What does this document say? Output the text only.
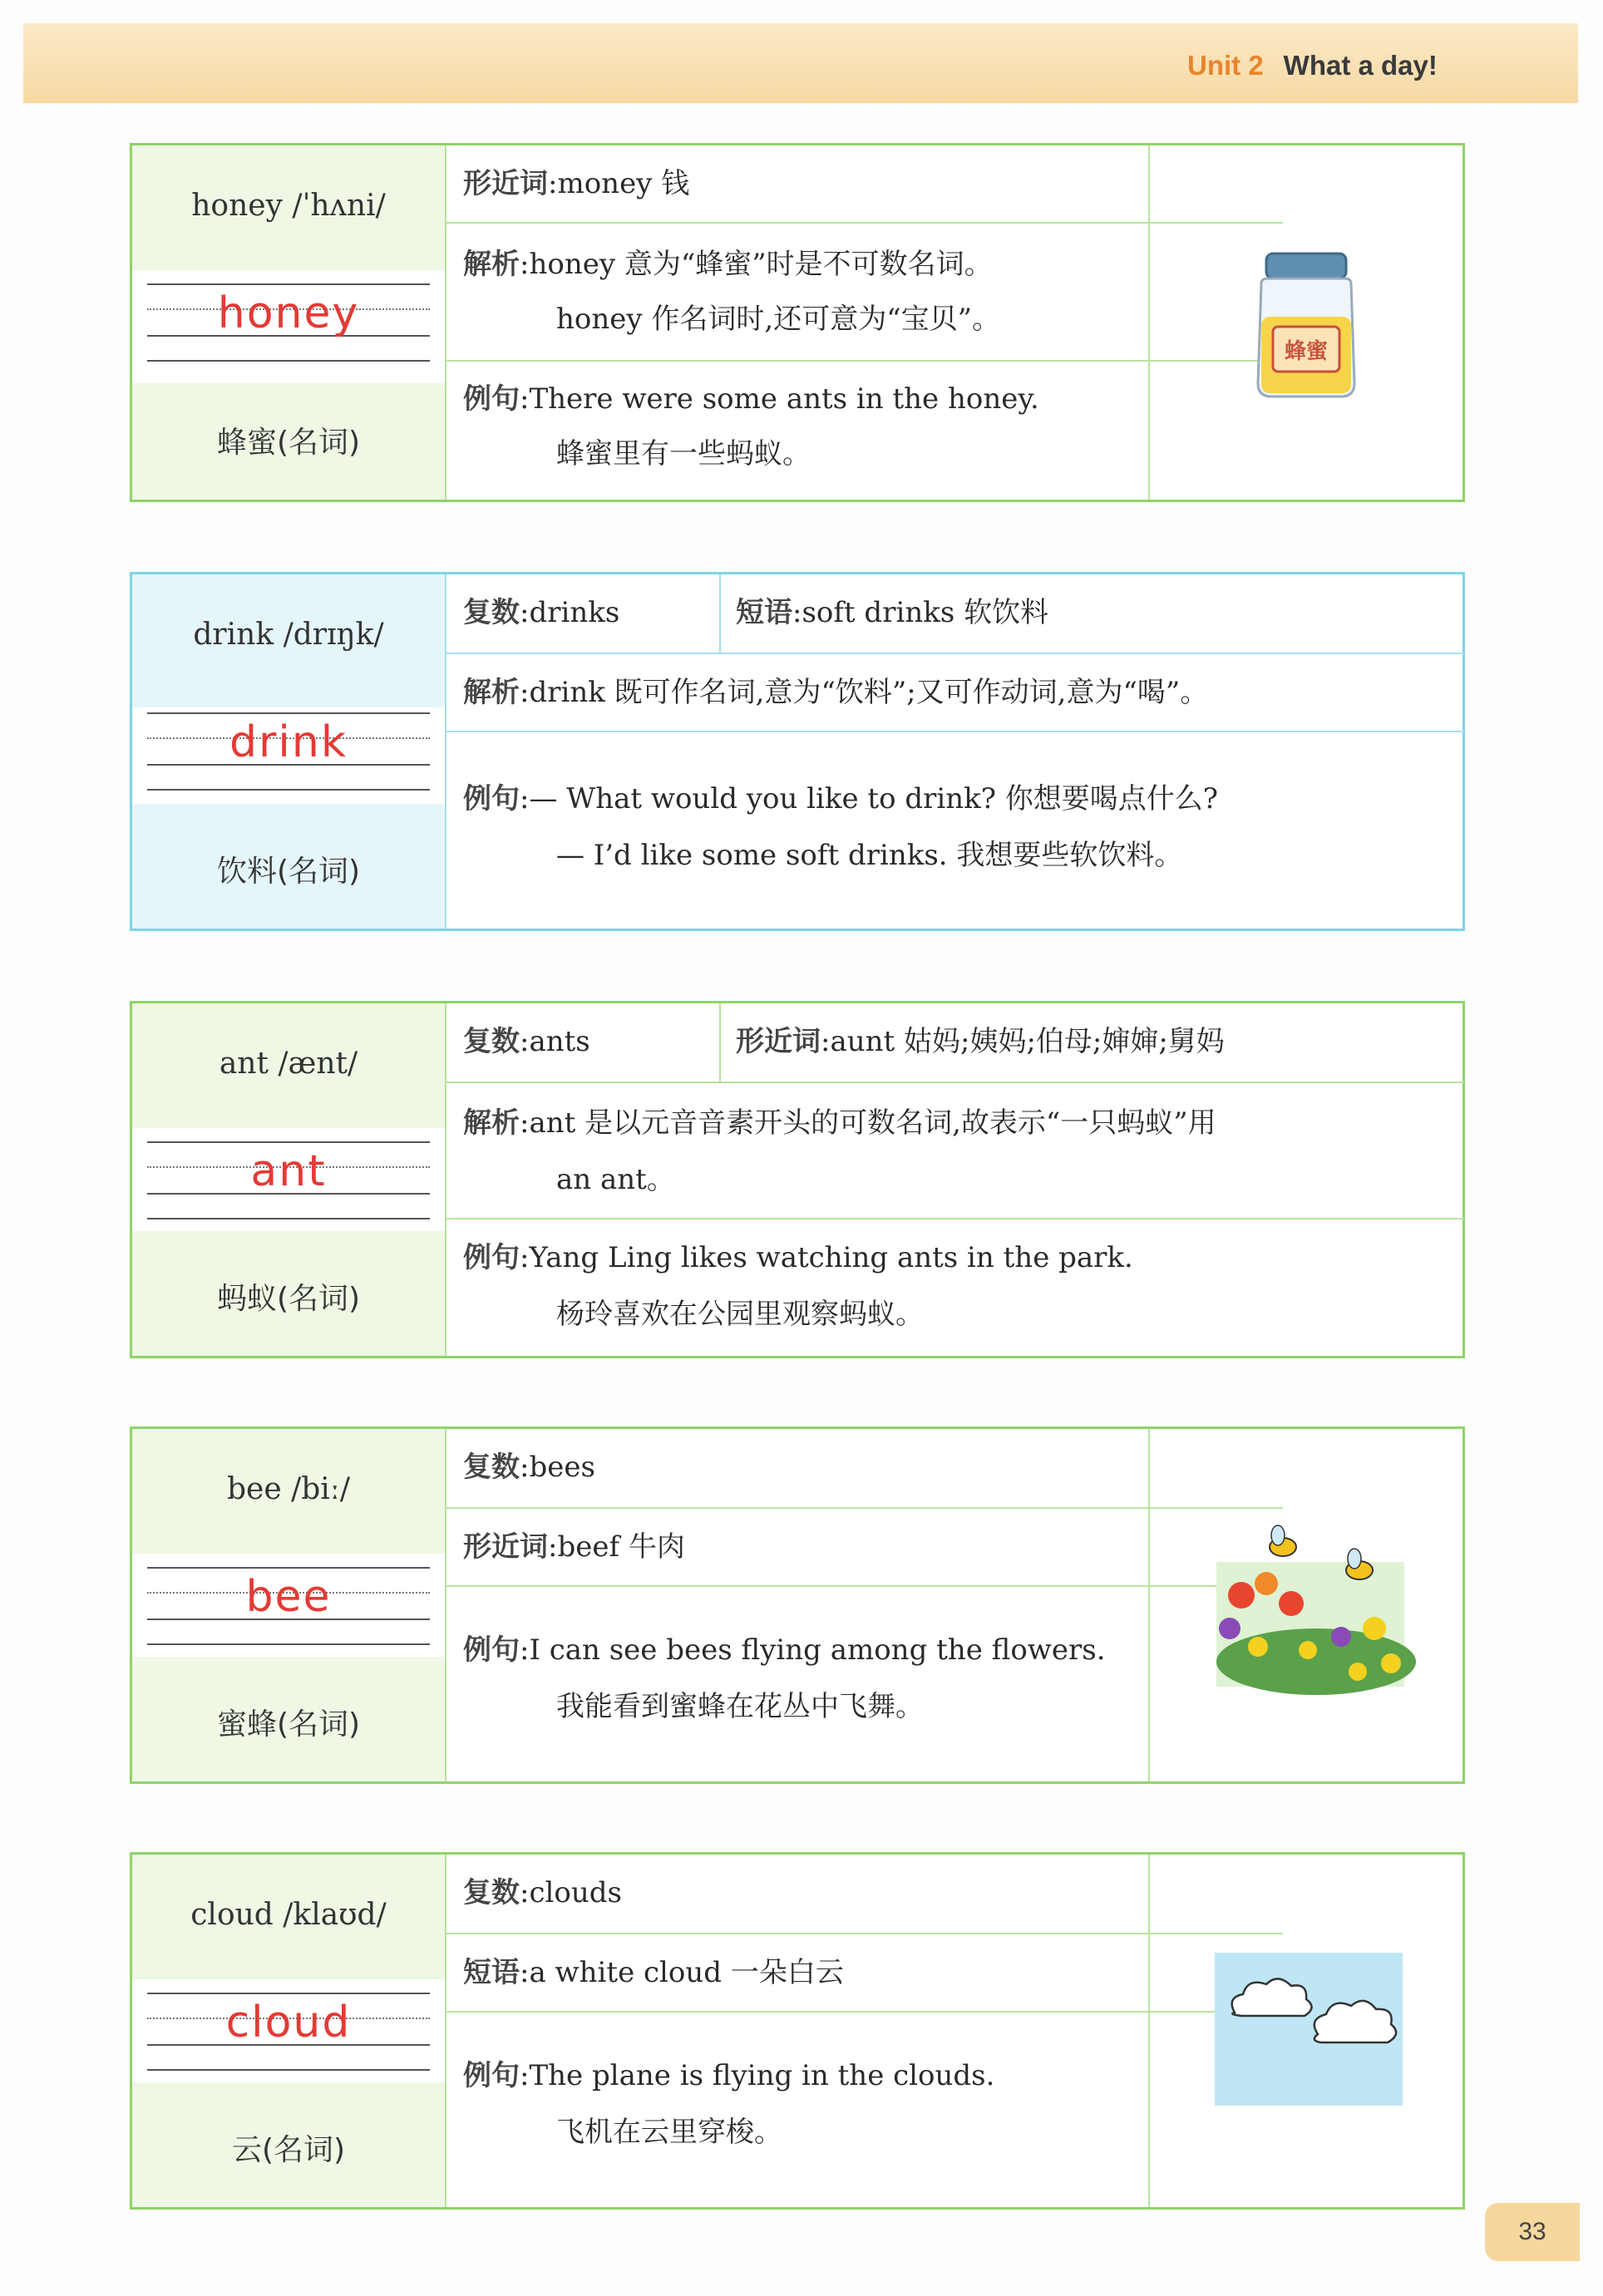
Unit 2 What a day!
honey /ˈhʌni/
honey
蜂蜜(名词)
形近词:money 钱
解析:honey 意为“蜂蜜”时是不可数名词。
honey 作名词时,还可意为“宝贝”。
例句:There were some ants in the honey.
蜂蜜里有一些蚂蚁。
蜂蜜
drink /drɪŋk/
drink
饮料(名词)
复数:drinks	短语:soft drinks 软饮料
解析:drink 既可作名词,意为“饮料”;又可作动词,意为“喝”。
例句:— What would you like to drink? 你想要喝点什么?
— I’d like some soft drinks. 我想要些软饮料。
ant /ænt/
ant
蚂蚁(名词)
复数:ants	形近词:aunt 姑妈;姨妈;伯母;婶婶;舅妈
解析:ant 是以元音音素开头的可数名词,故表示“一只蚂蚁”用
an ant。
例句:Yang Ling likes watching ants in the park.
杨玲喜欢在公园里观察蚂蚁。
bee /biː/
bee
蜜蜂(名词)
复数:bees
形近词:beef 牛肉
例句:I can see bees flying among the flowers.
我能看到蜜蜂在花丛中飞舞。
cloud /klaʊd/
cloud
云(名词)
复数:clouds
短语:a white cloud 一朵白云
例句:The plane is flying in the clouds.
飞机在云里穿梭。
33
